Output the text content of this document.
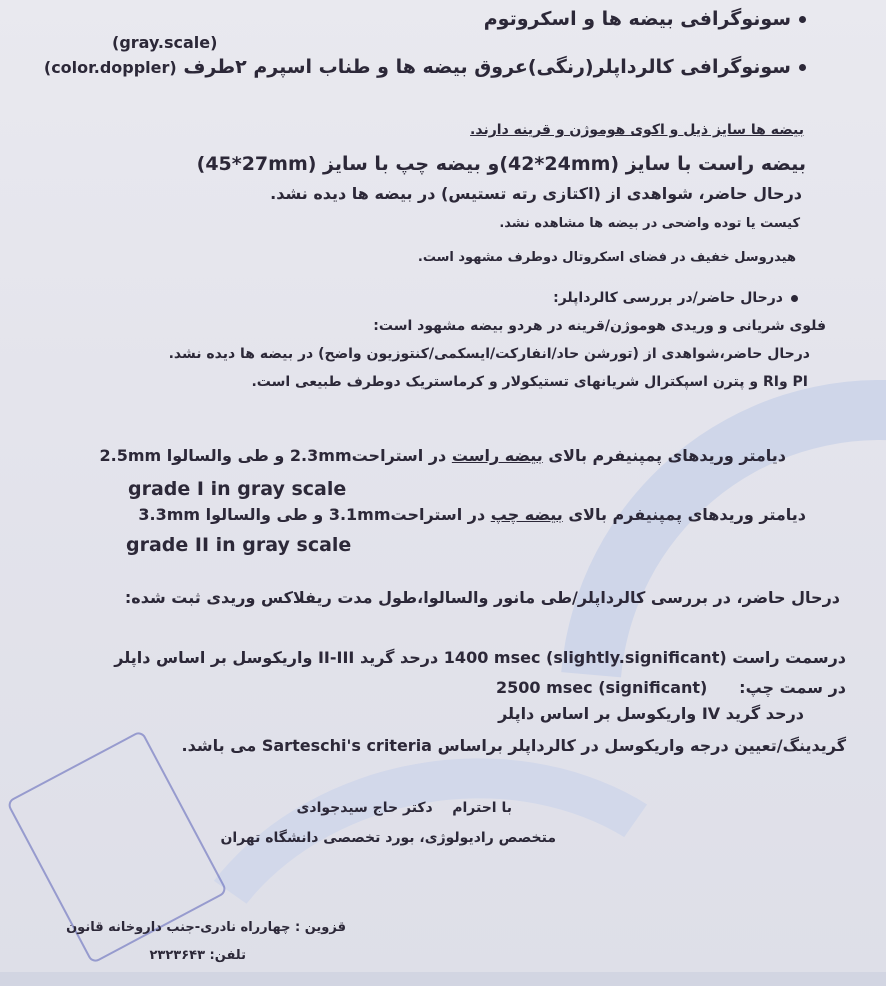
سونوگرافی بیضه ها و اسکروتوم
(gray.scale)
سونوگرافی کالرداپلر(رنگی)عروق بیضه ها و طناب اسپرم ۲طرف (color.doppler)
بیضه ها سایز ذیل و اکوی هوموژن و قرینه دارند.
بیضه راست با سایز (42*24mm)و بیضه چپ با سایز (45*27mm)
درحال حاضر، شواهدی از (اکتازی رته تستیس) در بیضه ها دیده نشد.
کیست یا توده واضحی در بیضه ها مشاهده نشد.
هیدروسل خفیف در فضای اسکروتال دوطرف مشهود است.
درحال حاضر/در بررسی کالرداپلر:
فلوی شریانی و وریدی هوموژن/قرینه در هردو بیضه مشهود است:
درحال حاضر،شواهدی از (تورشن حاد/انفارکت/ایسکمی/کنتوزیون واضح) در بیضه ها دیده نشد.
PI وRI و پترن اسپکترال شریانهای تستیکولار و کرماستریک دوطرف طبیعی است.
دیامتر وریدهای پمپنیفرم بالای بیضه راست در استراحت2.3mm و طی والسالوا 2.5mm
grade I in gray scale
دیامتر وریدهای پمپنیفرم بالای بیضه چپ در استراحت3.1mm و طی والسالوا 3.3mm
grade II in gray scale
درحال حاضر، در بررسی کالرداپلر/طی مانور والسالوا،طول مدت ریفلاکس وریدی ثبت شده:
درسمت راست 1400 msec (slightly.significant) درحد گرید II-III واریکوسل بر اساس داپلر
در سمت چپ:
2500 msec (significant)
درحد گرید IV واریکوسل بر اساس داپلر
گریدینگ/تعیین درجه واریکوسل در کالرداپلر براساس Sarteschi's criteria می باشد.
با احترام    دکتر حاج سیدجوادی
متخصص رادیولوژی، بورد تخصصی دانشگاه تهران
قزوین : چهارراه نادری-جنب داروخانه قانون
تلفن: ۲۳۲۳۶۴۳
